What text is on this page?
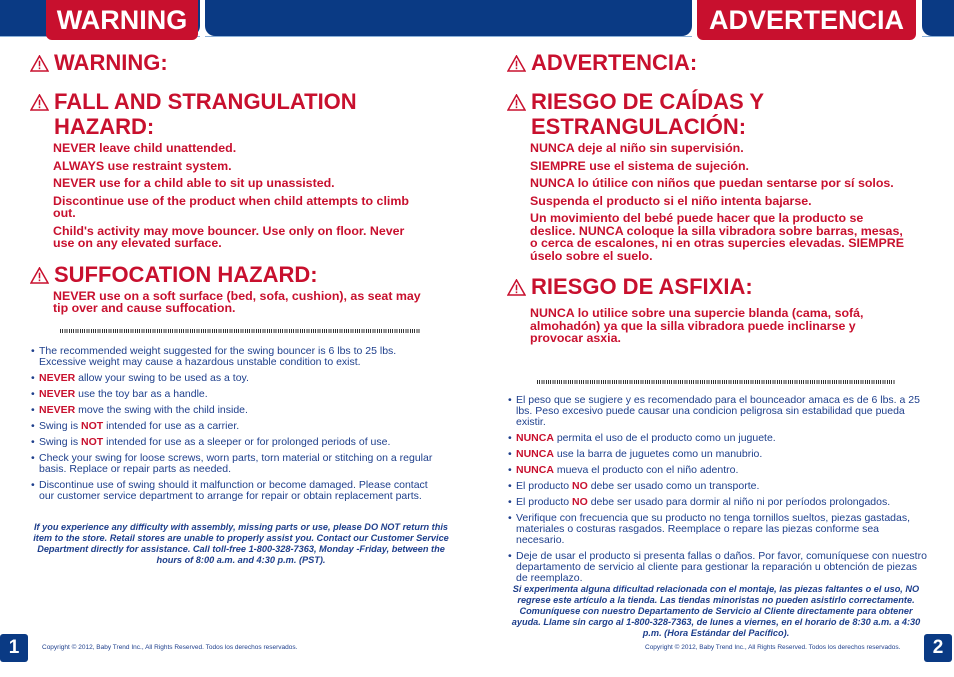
WARNING	ADVERTENCIA
WARNING:
FALL AND STRANGULATION HAZARD:
NEVER leave child unattended.
ALWAYS use restraint system.
NEVER use for a child able to sit up unassisted.
Discontinue use of the product when child attempts to climb out.
Child's activity may move bouncer. Use only on floor. Never use on any elevated surface.
SUFFOCATION HAZARD:
NEVER use on a soft surface (bed, sofa, cushion), as seat may tip over and cause suffocation.
• The recommended weight suggested for the swing bouncer is 6 lbs to 25 lbs. Excessive weight may cause a hazardous unstable condition to exist.
• NEVER allow your swing to be used as a toy.
• NEVER use the toy bar as a handle.
• NEVER move the swing with the child inside.
• Swing is NOT intended for use as a carrier.
• Swing is NOT intended for use as a sleeper or for prolonged periods of use.
• Check your swing for loose screws, worn parts, torn material or stitching on a regular basis. Replace or repair parts as needed.
• Discontinue use of swing should it malfunction or become damaged. Please contact our customer service department to arrange for repair or obtain replacement parts.
If you experience any difficulty with assembly, missing parts or use, please DO NOT return this item to the store. Retail stores are unable to properly assist you. Contact our Customer Service Department directly for assistance. Call toll-free 1-800-328-7363, Monday -Friday, between the hours of 8:00 a.m. and 4:30 p.m. (PST).
1	Copyright © 2012, Baby Trend Inc., All Rights Reserved. Todos los derechos reservados.
ADVERTENCIA:
RIESGO DE CAÍDAS Y ESTRANGULACIÓN:
NUNCA deje al niño sin supervisión.
SIEMPRE use el sistema de sujeción.
NUNCA lo útilice con niños que puedan sentarse por sí solos.
Suspenda el producto si el niño intenta bajarse.
Un movimiento del bebé puede hacer que la producto se deslice. NUNCA coloque la silla vibradora sobre barras, mesas, o cerca de escalones, ni en otras supercies elevadas. SIEMPRE úselo sobre el suelo.
RIESGO DE ASFIXIA:
NUNCA lo utilice sobre una supercie blanda (cama, sofá, almohadón) ya que la silla vibradora puede inclinarse y provocar asxia.
• El peso que se sugiere y es recomendado para el bounceador amaca es de 6 lbs. a 25 lbs. Peso excesivo puede causar una condicion peligrosa sin estabilidad que pueda existir.
• NUNCA permita el uso de el producto como un juguete.
• NUNCA use la barra de juguetes como un manubrio.
• NUNCA mueva el producto con el niño adentro.
• El producto NO debe ser usado como un transporte.
• El producto NO debe ser usado para dormir al niño ni por períodos prolongados.
• Verifique con frecuencia que su producto no tenga tornillos sueltos, piezas gastadas, materiales o costuras rasgados. Reemplace o repare las piezas conforme sea necesario.
• Deje de usar el producto si presenta fallas o daños. Por favor, comuníquese con nuestro departamento de servicio al cliente para gestionar la reparación u obtención de piezas de reemplazo.
Si experimenta alguna dificultad relacionada con el montaje, las piezas faltantes o el uso, NO regrese este artículo a la tienda. Las tiendas minoristas no pueden asistirlo correctamente. Comuníquese con nuestro Departamento de Servicio al Cliente directamente para obtener ayuda. Llame sin cargo al 1-800-328-7363, de lunes a viernes, en el horario de 8:30 a.m. a 4:30 p.m. (Hora Estándar del Pacífico).
Copyright © 2012, Baby Trend Inc., All Rights Reserved. Todos los derechos reservados.	2
